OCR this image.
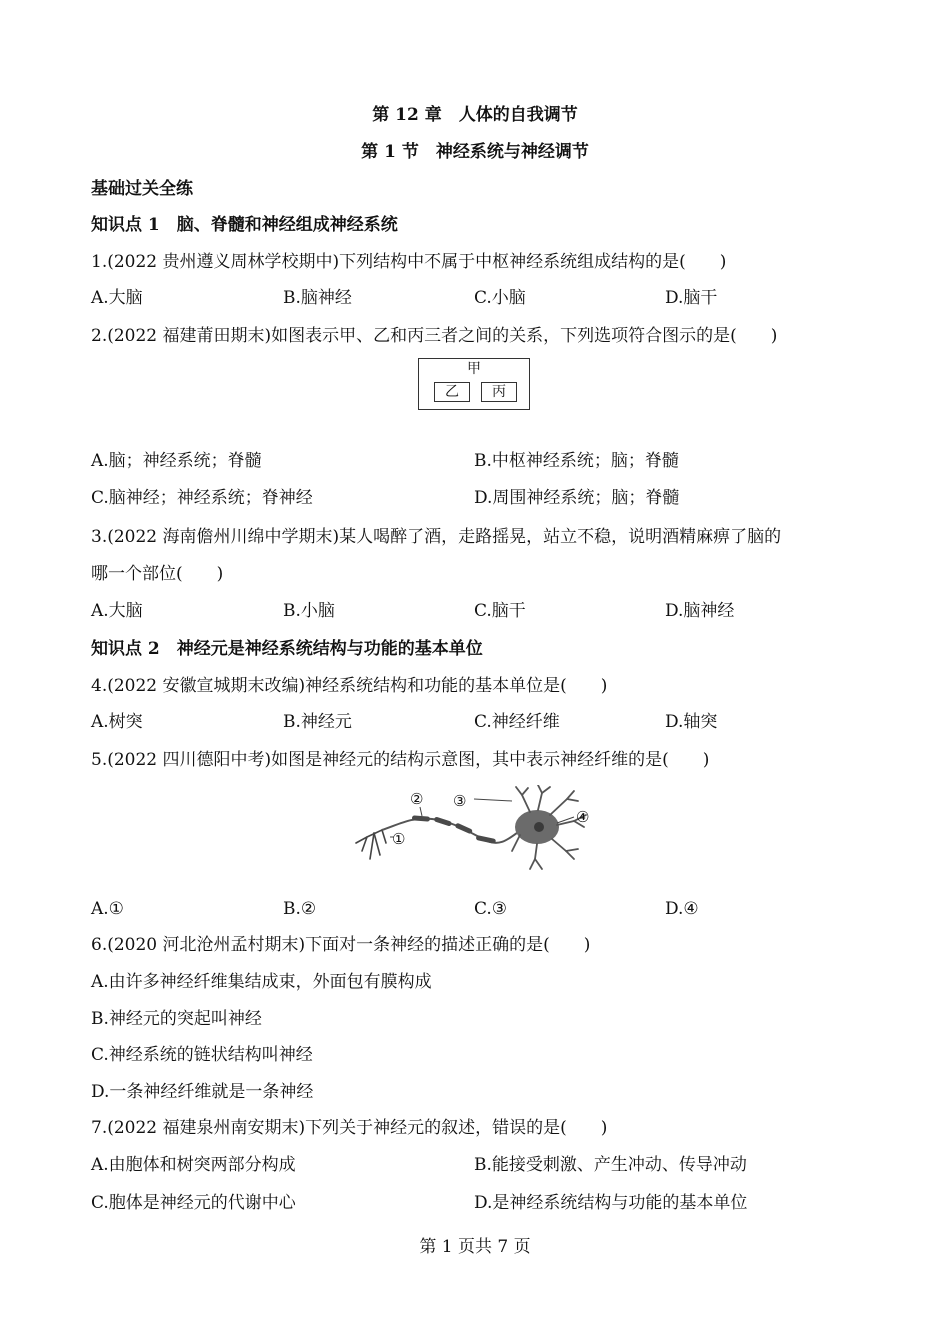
第 12 章　人体的自我调节
第 1 节　神经系统与神经调节
基础过关全练
知识点 1　脑、脊髓和神经组成神经系统
1.(2022 贵州遵义周林学校期中)下列结构中不属于中枢神经系统组成结构的是(　　)
A.大脑	B.脑神经	C.小脑	D.脑干
2.(2022 福建莆田期末)如图表示甲、乙和丙三者之间的关系，下列选项符合图示的是(　　)
甲
乙	丙
A.脑；神经系统；脊髓	B.中枢神经系统；脑；脊髓
C.脑神经；神经系统；脊神经	D.周围神经系统；脑；脊髓
3.(2022 海南儋州川绵中学期末)某人喝醉了酒，走路摇晃，站立不稳，说明酒精麻痹了脑的
哪一个部位(　　)
A.大脑	B.小脑	C.脑干	D.脑神经
知识点 2　神经元是神经系统结构与功能的基本单位
4.(2022 安徽宣城期末改编)神经系统结构和功能的基本单位是(　　)
A.树突	B.神经元	C.神经纤维	D.轴突
5.(2022 四川德阳中考)如图是神经元的结构示意图，其中表示神经纤维的是(　　)
①
② ③
④
A.①	B.②	C.③	D.④
6.(2020 河北沧州孟村期末)下面对一条神经的描述正确的是(　　)
A.由许多神经纤维集结成束，外面包有膜构成
B.神经元的突起叫神经
C.神经系统的链状结构叫神经
D.一条神经纤维就是一条神经
7.(2022 福建泉州南安期末)下列关于神经元的叙述，错误的是(　　)
A.由胞体和树突两部分构成	B.能接受刺激、产生冲动、传导冲动
C.胞体是神经元的代谢中心	D.是神经系统结构与功能的基本单位
第 1 页共 7 页
